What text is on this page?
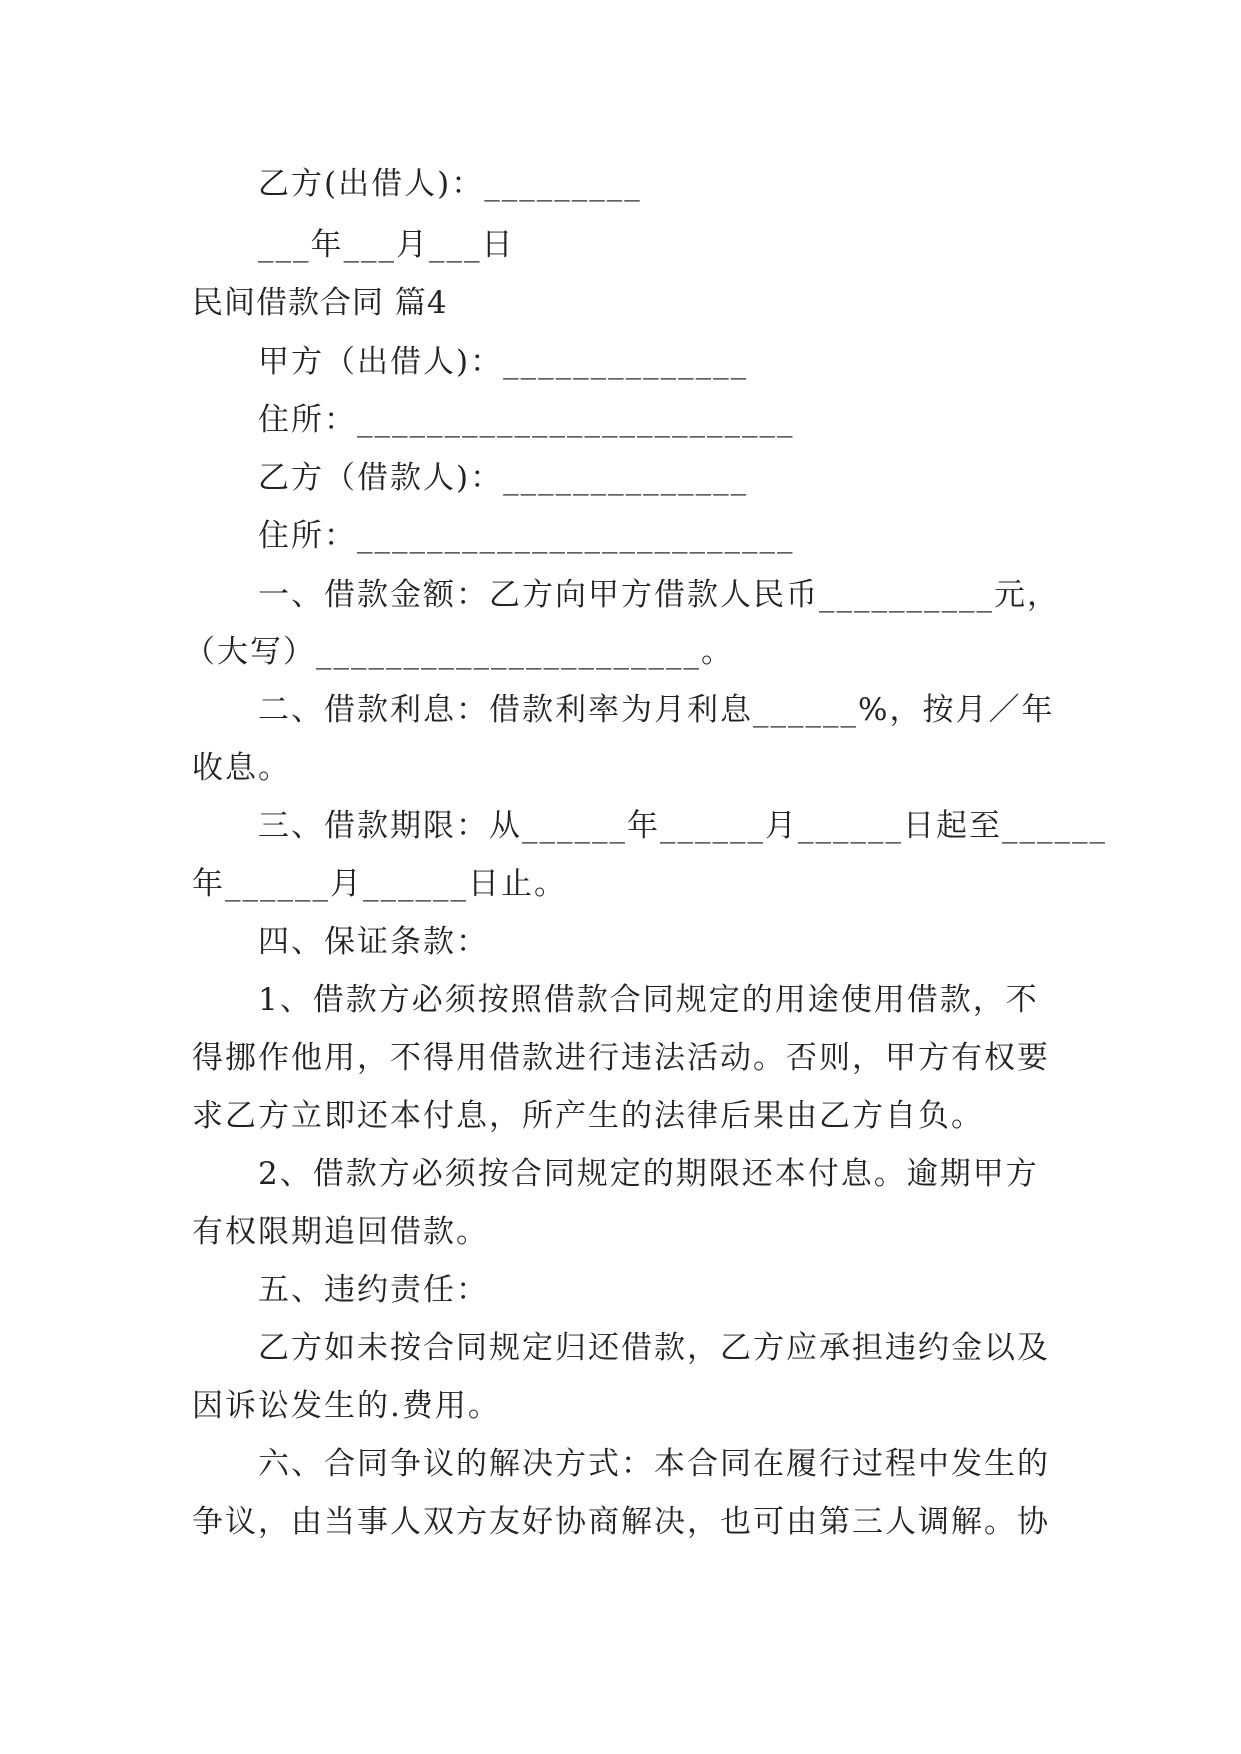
乙方(出借人)：_________
___年___月___日
民间借款合同 篇4
甲方（出借人)：______________
住所：_________________________
乙方（借款人)：______________
住所：_________________________
一、借款金额：乙方向甲方借款人民币__________元，
（大写）______________________。
二、借款利息：借款利率为月利息______%，按月／年
收息。
三、借款期限：从______年______月______日起至______
年______月______日止。
四、保证条款：
1、借款方必须按照借款合同规定的用途使用借款，不
得挪作他用，不得用借款进行违法活动。否则，甲方有权要
求乙方立即还本付息，所产生的法律后果由乙方自负。
2、借款方必须按合同规定的期限还本付息。逾期甲方
有权限期追回借款。
五、违约责任：
乙方如未按合同规定归还借款，乙方应承担违约金以及
因诉讼发生的.费用。
六、合同争议的解决方式：本合同在履行过程中发生的
争议，由当事人双方友好协商解决，也可由第三人调解。协
